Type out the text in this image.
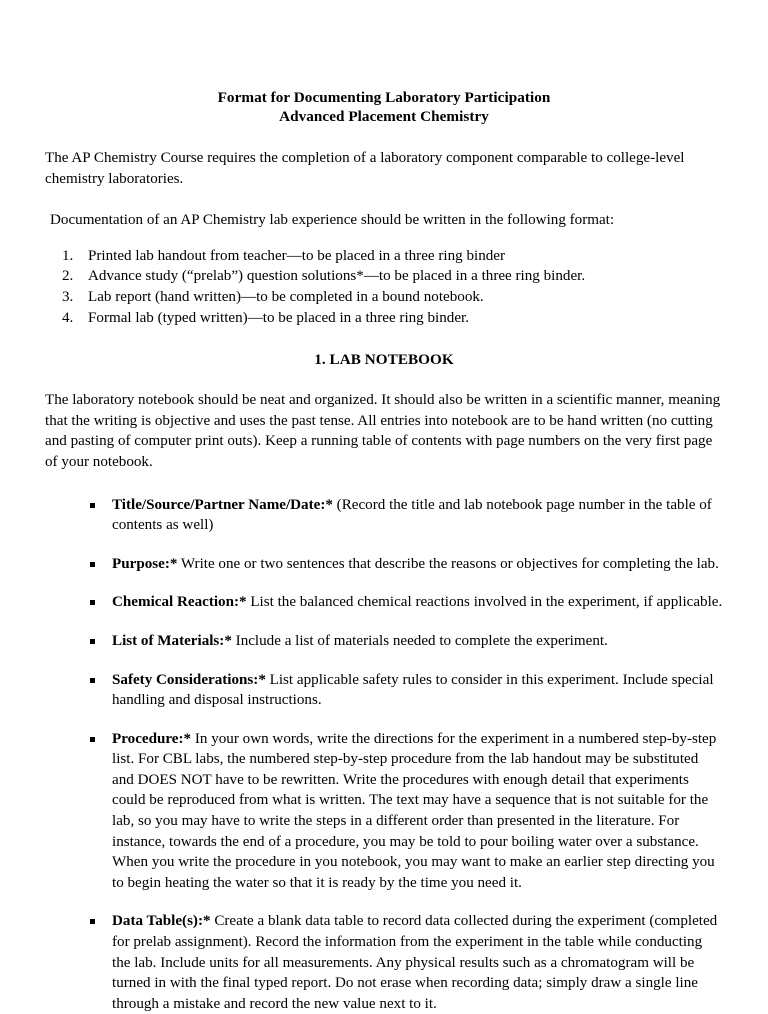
Format for Documenting Laboratory Participation
Advanced Placement Chemistry

The AP Chemistry Course requires the completion of a laboratory component comparable to college-level chemistry laboratories.

Documentation of an AP Chemistry lab experience should be written in the following format:

1. Printed lab handout from teacher—to be placed in a three ring binder
2. Advance study (“prelab”) question solutions*—to be placed in a three ring binder.
3. Lab report (hand written)—to be completed in a bound notebook.
4. Formal lab (typed written)—to be placed in a three ring binder.
1. LAB NOTEBOOK

The laboratory notebook should be neat and organized. It should also be written in a scientific manner, meaning that the writing is objective and uses the past tense. All entries into notebook are to be hand written (no cutting and pasting of computer print outs). Keep a running table of contents with page numbers on the very first page of your notebook.

Title/Source/Partner Name/Date:* (Record the title and lab notebook page number in the table of contents as well)
Purpose:* Write one or two sentences that describe the reasons or objectives for completing the lab.
Chemical Reaction:* List the balanced chemical reactions involved in the experiment, if applicable.
List of Materials:* Include a list of materials needed to complete the experiment.
Safety Considerations:* List applicable safety rules to consider in this experiment. Include special handling and disposal instructions.
Procedure:* In your own words, write the directions for the experiment in a numbered step-by-step list. For CBL labs, the numbered step-by-step procedure from the lab handout may be substituted and DOES NOT have to be rewritten. Write the procedures with enough detail that experiments could be reproduced from what is written. The text may have a sequence that is not suitable for the lab, so you may have to write the steps in a different order than presented in the literature. For instance, towards the end of a procedure, you may be told to pour boiling water over a substance. When you write the procedure in you notebook, you may want to make an earlier step directing you to begin heating the water so that it is ready by the time you need it.
Data Table(s):* Create a blank data table to record data collected during the experiment (completed for prelab assignment). Record the information from the experiment in the table while conducting the lab. Include units for all measurements. Any physical results such as a chromatogram will be turned in with the final typed report. Do not erase when recording data; simply draw a single line through a mistake and record the new value next to it.
